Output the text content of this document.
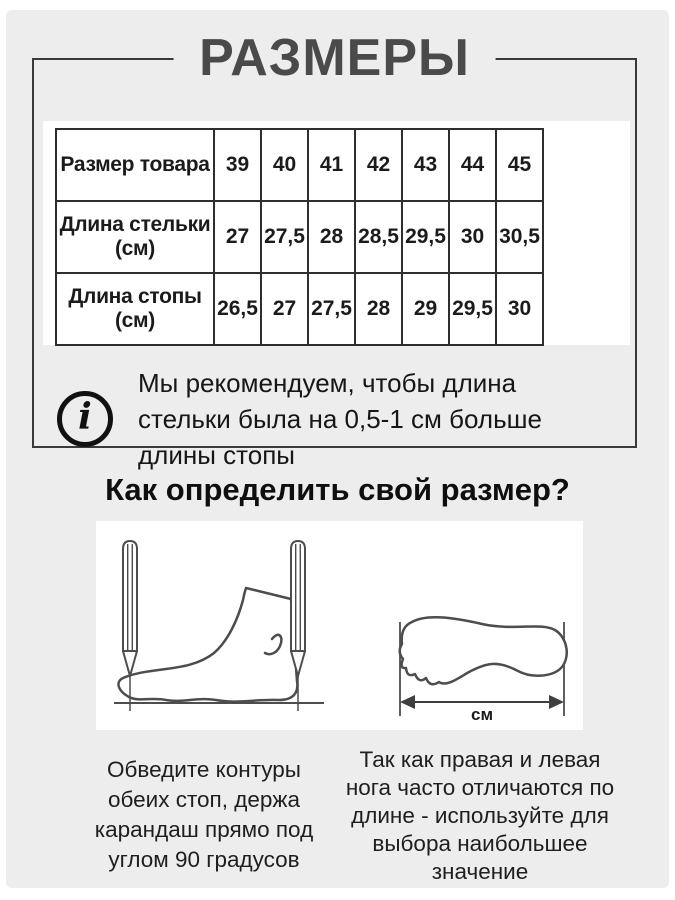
РАЗМЕРЫ
Размер товара	39	40	41	42	43	44	45
Длина стельки (см)	27	27,5	28	28,5	29,5	30	30,5
Длина стопы (см)	26,5	27	27,5	28	29	29,5	30
i
Мы рекомендуем, чтобы длина стельки была на 0,5-1 см больше длины стопы
Как определить свой размер?
см
Обведите контуры обеих стоп, держа карандаш прямо под углом 90 градусов
Так как правая и левая нога часто отличаются по длине - используйте для выбора наибольшее значение
